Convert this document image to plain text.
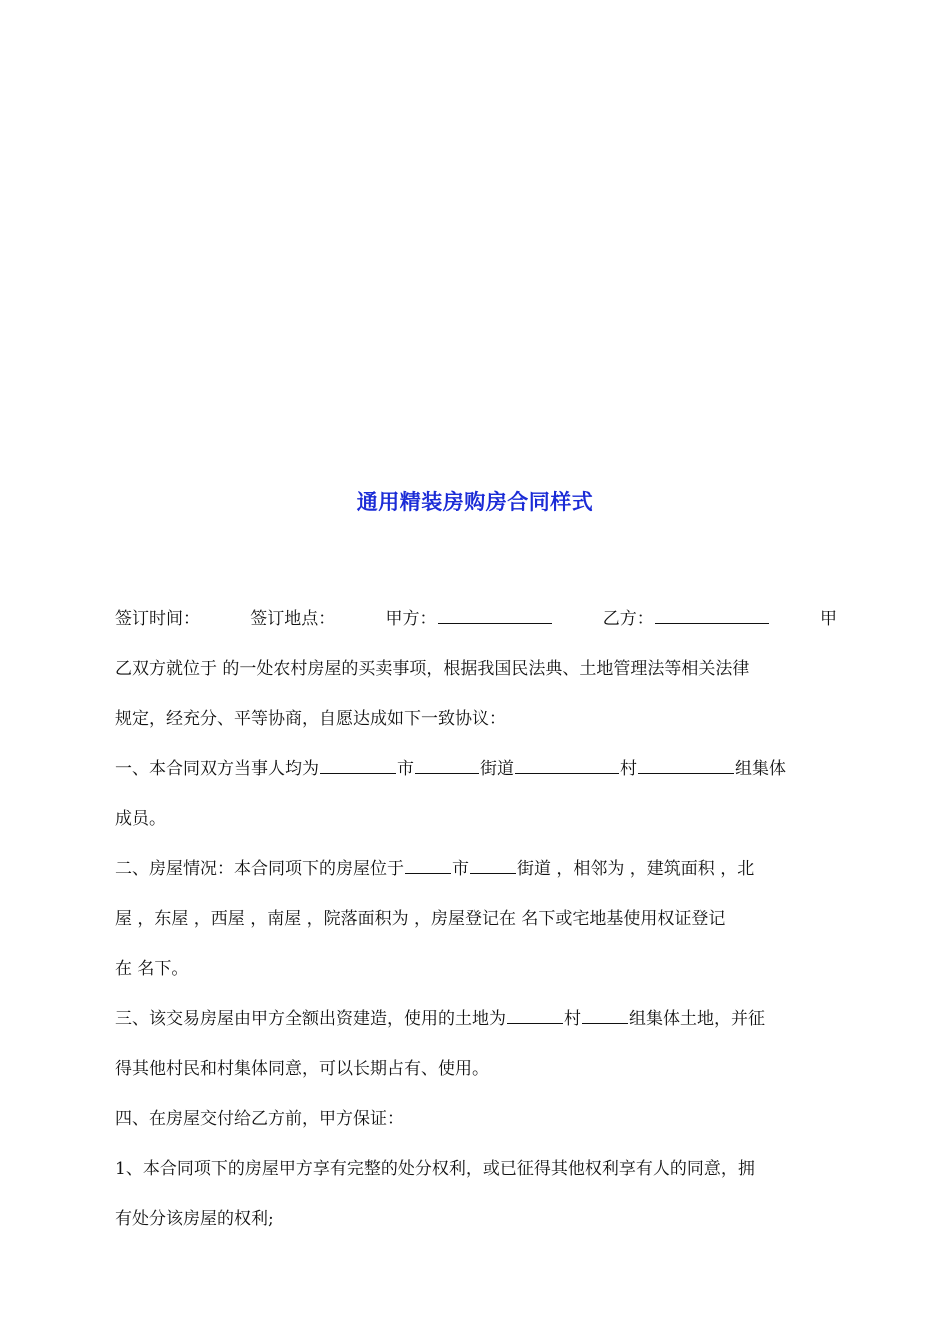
通用精装房购房合同样式
签订时间：	签订地点：	甲方：	乙方：	甲
乙双方就位于 的一处农村房屋的买卖事项，根据我国民法典、土地管理法等相关法律
规定，经充分、平等协商，自愿达成如下一致协议：
一、本合同双方当事人均为	市	街道	村	组集体
成员。
二、房屋情况：本合同项下的房屋位于	市	街道 ，相邻为 ，建筑面积 ，北
屋 ，东屋 ，西屋 ，南屋 ，院落面积为 ，房屋登记在 名下或宅地基使用权证登记
在 名下。
三、该交易房屋由甲方全额出资建造，使用的土地为	村	组集体土地，并征
得其他村民和村集体同意，可以长期占有、使用。
四、在房屋交付给乙方前，甲方保证：
1、本合同项下的房屋甲方享有完整的处分权利，或已征得其他权利享有人的同意，拥
有处分该房屋的权利;
